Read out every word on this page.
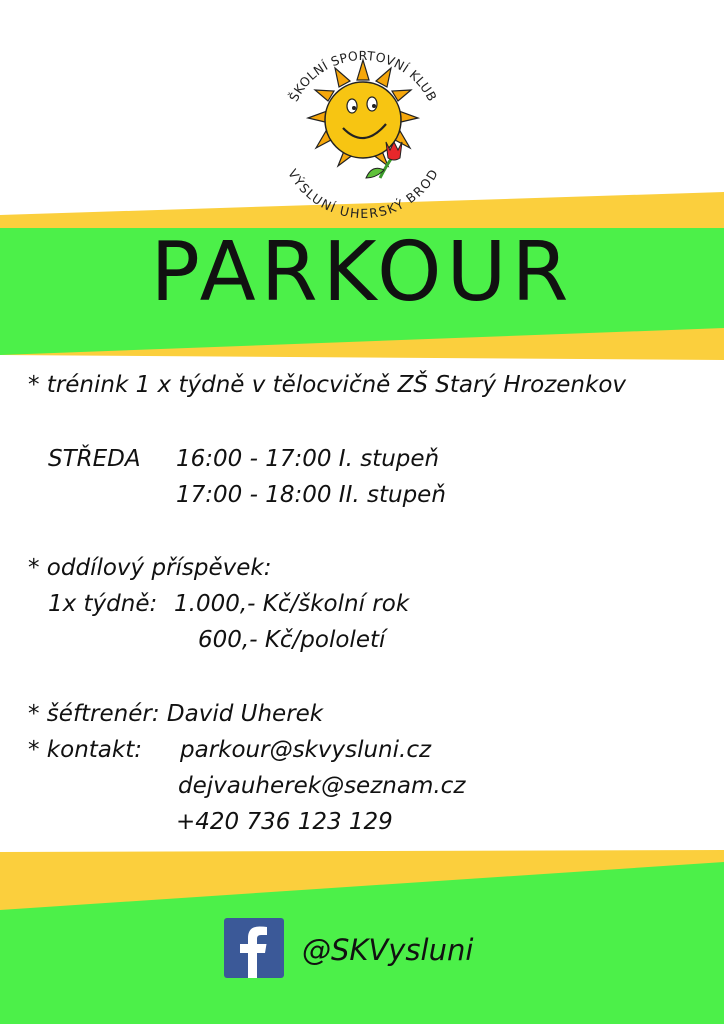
ŠKOLNÍ SPORTOVNÍ KLUB
VÝSLUNÍ UHERSKÝ BROD
PARKOUR
* trénink 1 x týdně v tělocvičně ZŠ Starý Hrozenkov
STŘEDA 16:00 - 17:00 I. stupeň
17:00 - 18:00 II. stupeň
* oddílový příspěvek:
1x týdně: 1.000,- Kč/školní rok
600,- Kč/pololetí
* šéftrenér: David Uherek
* kontakt: parkour@skvysluni.cz
dejvauherek@seznam.cz
+420 736 123 129
@SKVysluni
